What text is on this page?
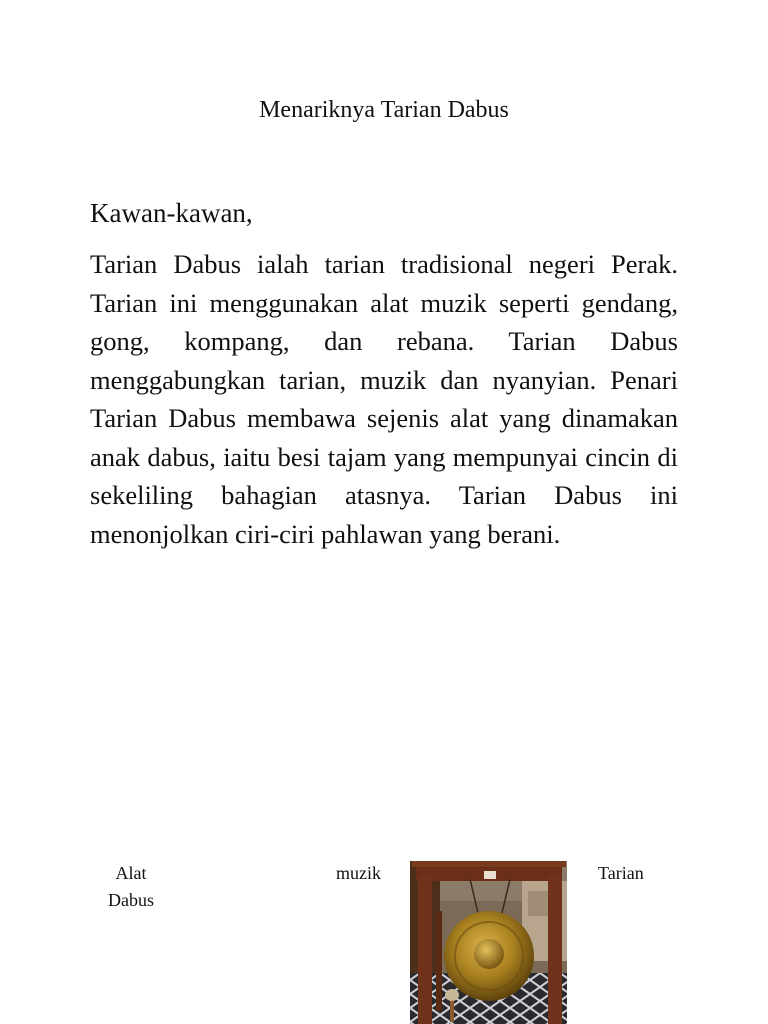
Menariknya Tarian Dabus
Kawan-kawan,

Tarian Dabus ialah tarian tradisional negeri Perak. Tarian ini menggunakan alat muzik seperti gendang, gong, kompang, dan rebana. Tarian Dabus menggabungkan tarian, muzik dan nyanyian. Penari Tarian Dabus membawa sejenis alat yang dinamakan anak dabus, iaitu besi tajam yang mempunyai cincin di sekeliling bahagian atasnya. Tarian Dabus ini menonjolkan ciri-ciri pahlawan yang berani.

Alat
Dabus
muzik	Tarian
